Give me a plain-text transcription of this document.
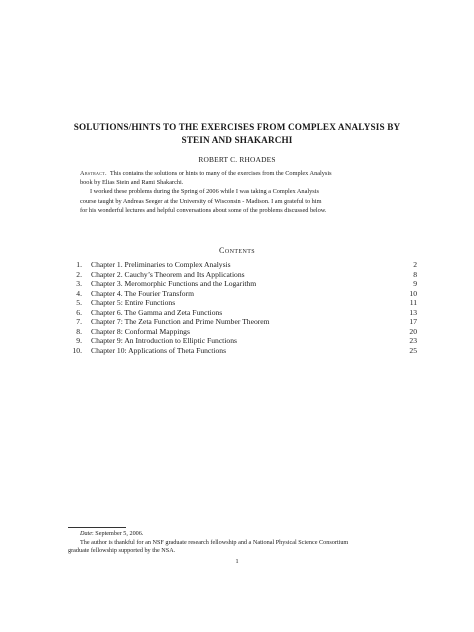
SOLUTIONS/HINTS TO THE EXERCISES FROM COMPLEX ANALYSIS BY
STEIN AND SHAKARCHI
ROBERT C. RHOADES
Abstract. This contains the solutions or hints to many of the exercises from the Complex Analysis
book by Elias Stein and Rami Shakarchi.
I worked these problems during the Spring of 2006 while I was taking a Complex Analysis
course taught by Andreas Seeger at the University of Wisconsin - Madison. I am grateful to him
for his wonderful lectures and helpful conversations about some of the problems discussed below.
Contents
1. Chapter 1. Preliminaries to Complex Analysis	2
2. Chapter 2. Cauchy’s Theorem and Its Applications	8
3. Chapter 3. Meromorphic Functions and the Logarithm	9
4. Chapter 4. The Fourier Transform	10
5. Chapter 5: Entire Functions	11
6. Chapter 6. The Gamma and Zeta Functions	13
7. Chapter 7: The Zeta Function and Prime Number Theorem	17
8. Chapter 8: Conformal Mappings	20
9. Chapter 9: An Introduction to Elliptic Functions	23
10. Chapter 10: Applications of Theta Functions	25
Date: September 5, 2006.
The author is thankful for an NSF graduate research fellowship and a National Physical Science Consortium
graduate fellowship supported by the NSA.
1
